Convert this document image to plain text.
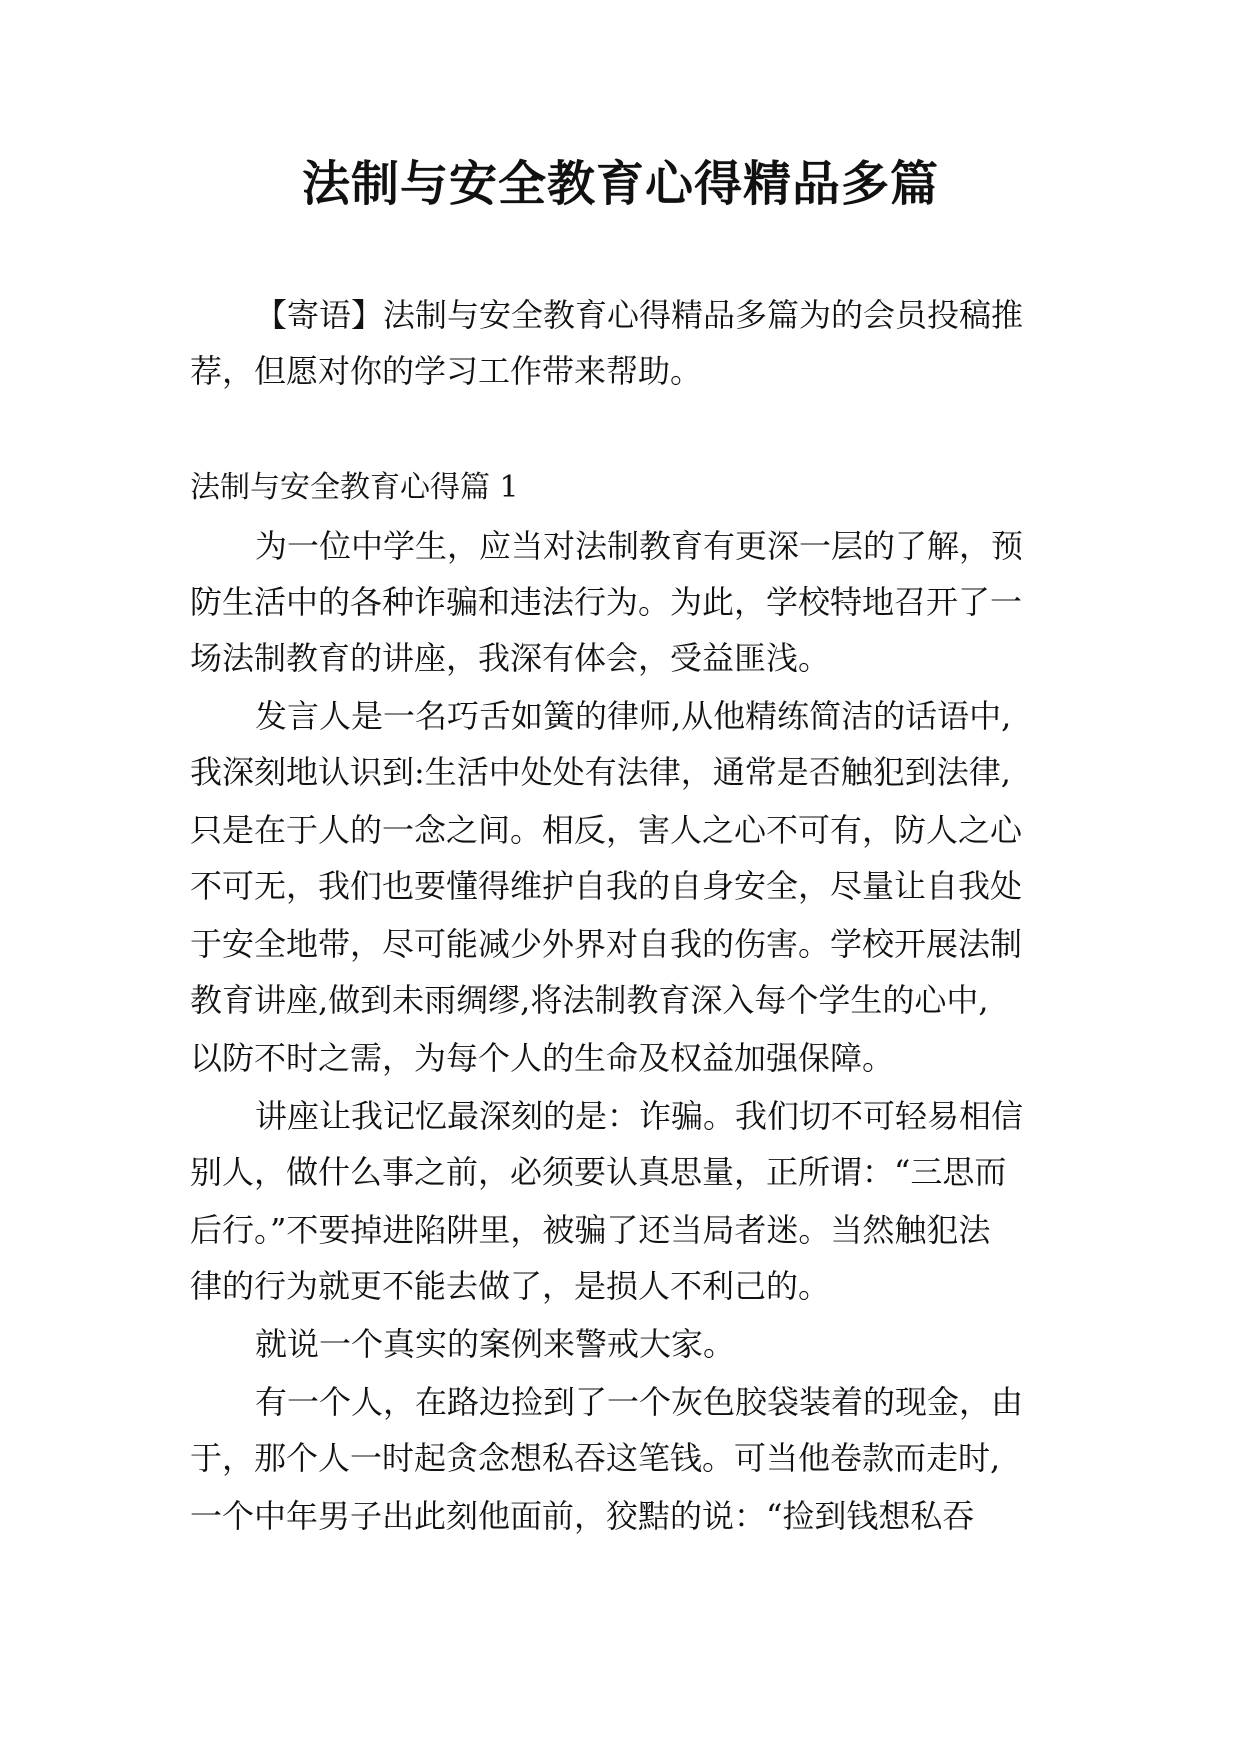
法制与安全教育心得精品多篇
【寄语】法制与安全教育心得精品多篇为的会员投稿推
荐，但愿对你的学习工作带来帮助。
法制与安全教育心得篇 1
为一位中学生，应当对法制教育有更深一层的了解，预
防生活中的各种诈骗和违法行为。为此，学校特地召开了一
场法制教育的讲座，我深有体会，受益匪浅。
发言人是一名巧舌如簧的律师,从他精练简洁的话语中,
我深刻地认识到:生活中处处有法律，通常是否触犯到法律,
只是在于人的一念之间。相反，害人之心不可有，防人之心
不可无，我们也要懂得维护自我的自身安全，尽量让自我处
于安全地带，尽可能减少外界对自我的伤害。学校开展法制
教育讲座,做到未雨绸缪,将法制教育深入每个学生的心中,
以防不时之需，为每个人的生命及权益加强保障。
讲座让我记忆最深刻的是：诈骗。我们切不可轻易相信
别人，做什么事之前，必须要认真思量，正所谓：“三思而
后行。”不要掉进陷阱里，被骗了还当局者迷。当然触犯法
律的行为就更不能去做了，是损人不利己的。
就说一个真实的案例来警戒大家。
有一个人，在路边捡到了一个灰色胶袋装着的现金，由
于，那个人一时起贪念想私吞这笔钱。可当他卷款而走时,
一个中年男子出此刻他面前，狡黠的说：“捡到钱想私吞
